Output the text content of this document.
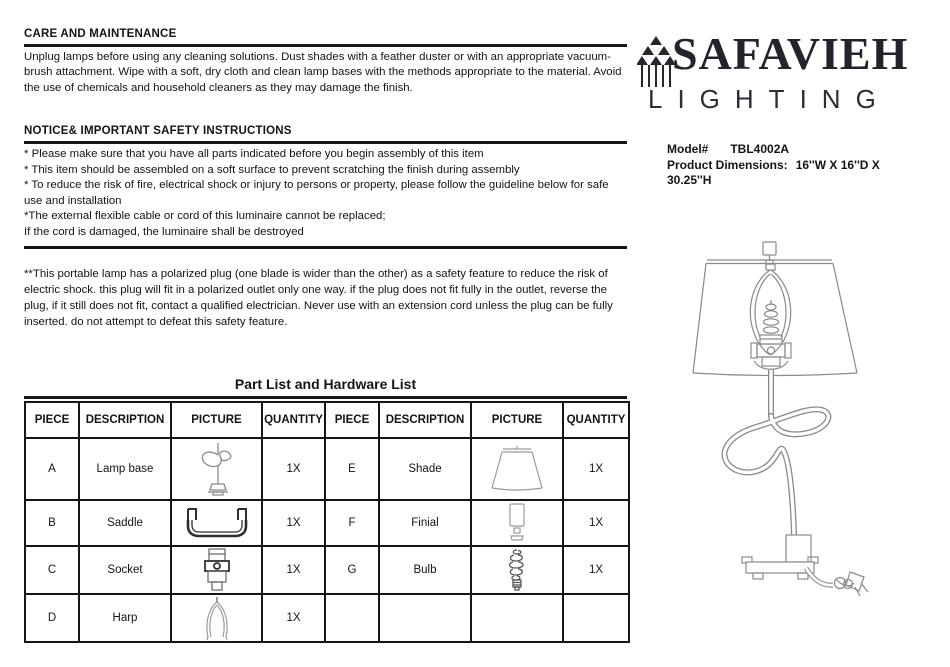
CARE AND MAINTENANCE
Unplug lamps before using any cleaning solutions. Dust shades with a feather duster or with an appropriate vacuum-brush attachment. Wipe with a soft, dry cloth and clean lamp bases with the methods appropriate to the material. Avoid the use of chemicals and household cleaners as they may damage the finish.
NOTICE& IMPORTANT SAFETY INSTRUCTIONS
* Please make sure that you have all parts indicated before you begin assembly of this item
* This item should be assembled on a soft surface to prevent scratching the finish during assembly
* To reduce the risk of fire, electrical shock or injury to persons or property, please follow the guideline below for safe use and installation
*The external flexible cable or cord of this luminaire cannot be replaced;
If the cord is damaged, the luminaire shall be destroyed
**This portable lamp has a polarized plug (one blade is wider than the other) as a safety feature to reduce the risk of electric shock. this plug will fit in a polarized outlet only one way. if the plug does not fit fully in the outlet, reverse the plug, if it still does not fit, contact a qualified electrician. Never use with an extension cord unless the plug can be fully inserted. do not attempt to defeat this safety feature.
Part List and Hardware List
PIECE	DESCRIPTION	PICTURE	QUANTITY	PIECE	DESCRIPTION	PICTURE	QUANTITY
A	Lamp base		1X	E	Shade		1X
B	Saddle		1X	F	Finial		1X
C	Socket		1X	G	Bulb		1X
D	Harp		1X				
SAFAVIEH
LIGHTING
Model# TBL4002A
Product Dimensions: 16''W X 16''D X 30.25''H
